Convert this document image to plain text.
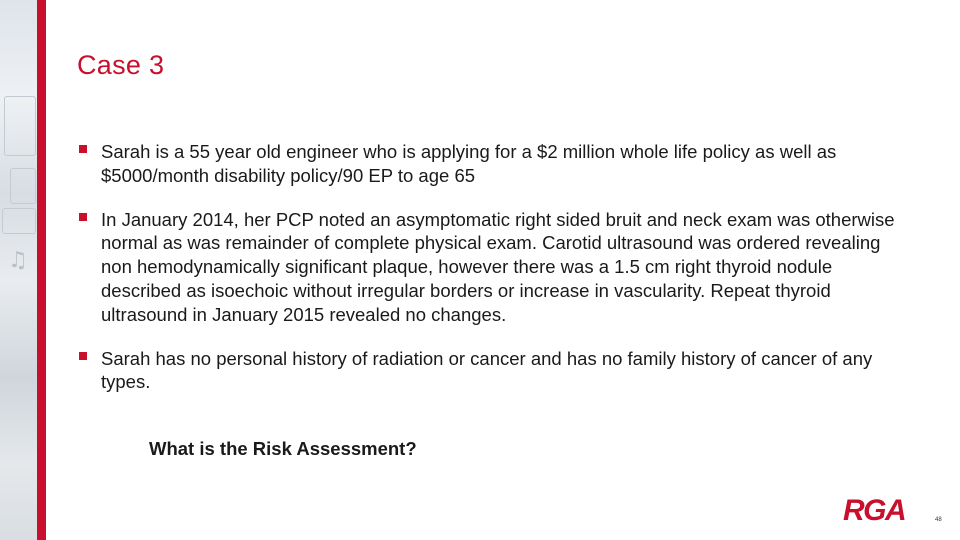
♫
Case 3
Sarah is a 55 year old engineer who is applying for a $2 million whole life policy as well as $5000/month disability policy/90 EP to age 65
In January 2014, her PCP noted an asymptomatic right sided bruit and neck exam was otherwise normal as was remainder of complete physical exam. Carotid ultrasound was ordered revealing non hemodynamically significant plaque, however there was a 1.5 cm right thyroid nodule described as isoechoic without irregular borders or increase in vascularity. Repeat thyroid ultrasound in January 2015 revealed no changes.
Sarah has no personal history of radiation or cancer and has no family history of cancer of any types.
What is the Risk Assessment?
RGA	48
